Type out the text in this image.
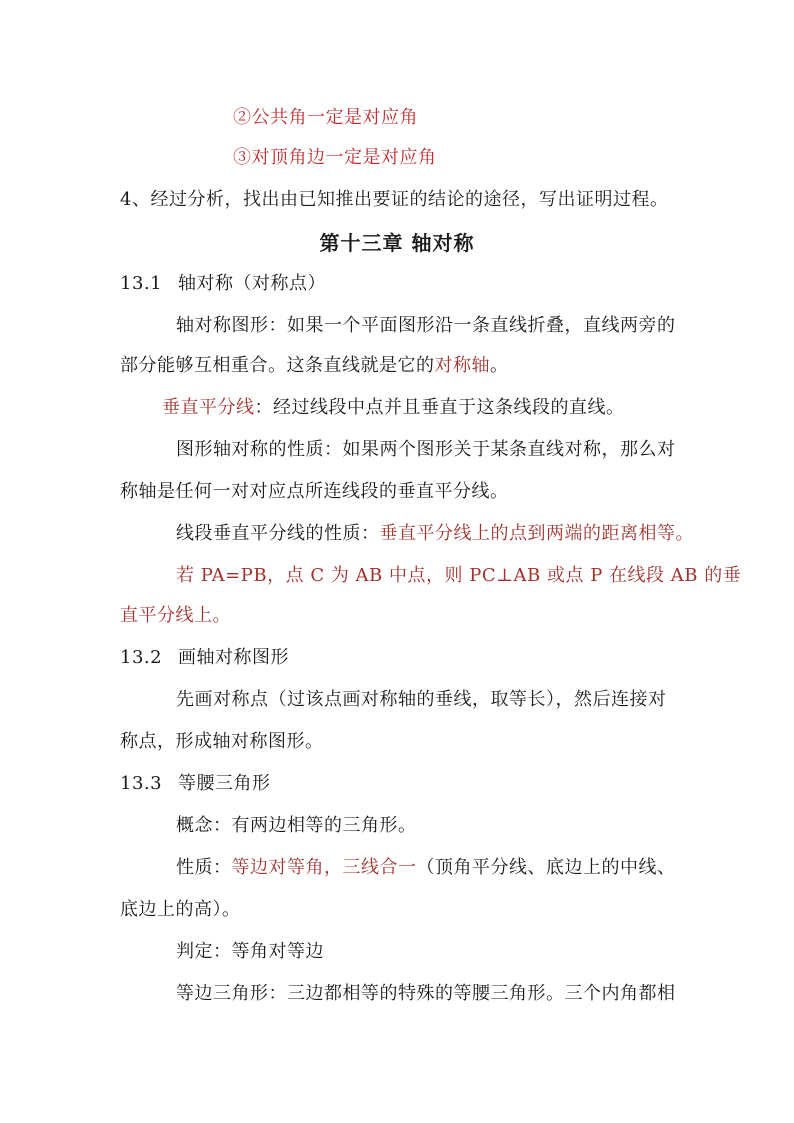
②公共角一定是对应角
③对顶角边一定是对应角
4、经过分析，找出由已知推出要证的结论的途径，写出证明过程。
第十三章 轴对称
13.1 轴对称（对称点）
轴对称图形：如果一个平面图形沿一条直线折叠，直线两旁的
部分能够互相重合。这条直线就是它的对称轴。
垂直平分线：经过线段中点并且垂直于这条线段的直线。
图形轴对称的性质：如果两个图形关于某条直线对称，那么对
称轴是任何一对对应点所连线段的垂直平分线。
线段垂直平分线的性质：垂直平分线上的点到两端的距离相等。
若 PA=PB，点 C 为 AB 中点，则 PC⊥AB 或点 P 在线段 AB 的垂
直平分线上。
13.2 画轴对称图形
先画对称点（过该点画对称轴的垂线，取等长），然后连接对
称点，形成轴对称图形。
13.3 等腰三角形
概念：有两边相等的三角形。
性质：等边对等角，三线合一（顶角平分线、底边上的中线、
底边上的高）。
判定：等角对等边
等边三角形：三边都相等的特殊的等腰三角形。三个内角都相
